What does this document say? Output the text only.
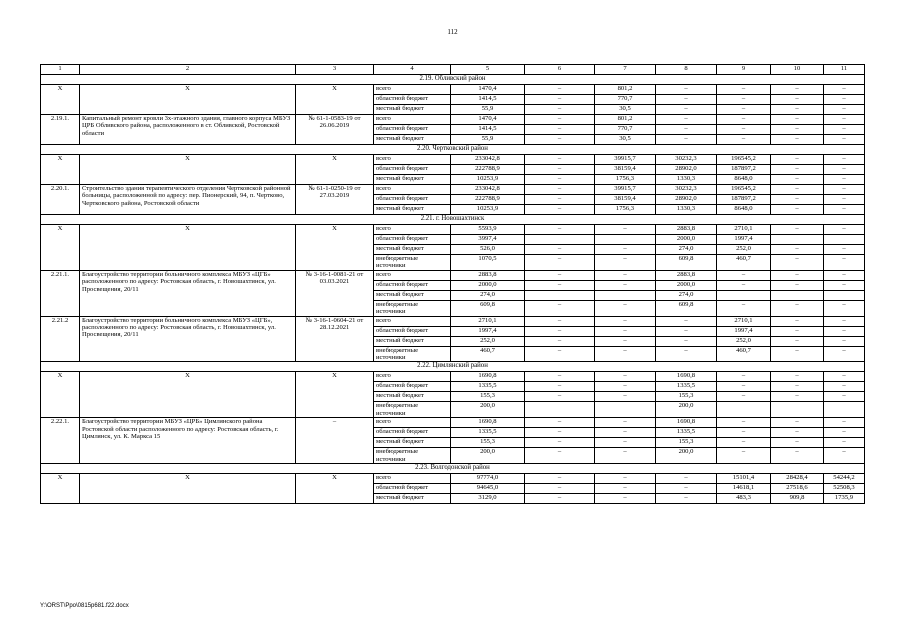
112
1	2	3	4	5	6	7	8	9	10	11
2.19. Обливский район										
X	X	X	всего	1470,4	–	801,2	–	–	–	–
			областной бюджет	1414,5	–	770,7	–	–	–	–
			местный бюджет	55,9	–	30,5	–	–	–	–
2.19.1.	Капитальный ремонт кровли 3х-этажного здания, главного корпуса МБУЗ ЦРБ Обливского района, расположенного в ст. Обливской, Ростовской области	№ 61-1-0583-19 от 26.06.2019	всего	1470,4	–	801,2	–	–	–	–
			областной бюджет	1414,5	–	770,7	–	–	–	–
			местный бюджет	55,9	–	30,5	–	–	–	–
2.20. Чертковский район										
X	X	X	всего	233042,8	–	39915,7	30232,3	196545,2	–	–
			областной бюджет	222788,9	–	38159,4	28902,0	187897,2	–	–
			местный бюджет	10253,9	–	1756,3	1330,3	8648,0	–	–
2.20.1.	Строительство здания терапевтического отделения Чертковской районной больницы, расположенной по адресу: пер. Пионерский, 94, п. Чертково, Чертковского района, Ростовской области	№ 61-1-0250-19 от 27.03.2019	всего	233042,8	–	39915,7	30232,3	196545,2	–	–
			областной бюджет	222788,9	–	38159,4	28902,0	187897,2	–	–
			местный бюджет	10253,9	–	1756,3	1330,3	8648,0	–	–
2.21. г. Новошахтинск										
X	X	X	всего	5593,9	–	–	2883,8	2710,1	–	–
			областной бюджет	3997,4			2000,0	1997,4		
			местный бюджет	526,0	–	–	274,0	252,0	–	–
			внебюджетные источники	1070,5	–	–	609,8	460,7	–	–
2.21.1.	Благоустройство территории больничного комплекса МБУЗ «ЦГБ» расположенного по адресу: Ростовская область, г. Новошахтинск, ул. Просвещения, 20/11	№ 3-16-1-0081-21 от 03.03.2021	всего	2883,8	–	–	2883,8	–	–	–
			областной бюджет	2000,0	–	–	2000,0	–	–	–
			местный бюджет	274,0			274,0			
			внебюджетные источники	609,8	–	–	609,8	–	–	–
2.21.2	Благоустройство территории больничного комплекса МБУЗ «ЦГБ», расположенного по адресу: Ростовская область, г. Новошахтинск, ул. Просвещения, 20/11	№ 3-16-1-0604-21 от 28.12.2021	всего	2710,1	–	–	–	2710,1	–	–
			областной бюджет	1997,4	–	–	–	1997,4	–	–
			местный бюджет	252,0	–	–	–	252,0	–	–
			внебюджетные источники	460,7	–	–	–	460,7	–	–
2.22. Цимлянский район										
X	X	X	всего	1690,8	–	–	1690,8	–	–	–
			областной бюджет	1335,5	–	–	1335,5	–	–	–
			местный бюджет	155,3	–	–	155,3	–	–	–
			внебюджетные источники	200,0			200,0			
2.22.1.	Благоустройство территории МБУЗ «ЦРБ» Цимлянского района Ростовской области расположенного по адресу: Ростовская область, г. Цимлянск, ул. К. Маркса 15	–	всего	1690,8	–	–	1690,8	–	–	–
			областной бюджет	1335,5	–	–	1335,5	–	–	–
			местный бюджет	155,3	–	–	155,3	–	–	–
			внебюджетные источники	200,0	–	–	200,0	–	–	–
2.23. Волгодонской район										
X	X	X	всего	97774,0	–	–	–	15101,4	28428,4	54244,2
			областной бюджет	94645,0	–	–	–	14618,1	27518,6	52508,3
			местный бюджет	3129,0	–	–	–	483,3	909,8	1735,9
Y:\ORST\Ppo\0815p681.f22.docx
